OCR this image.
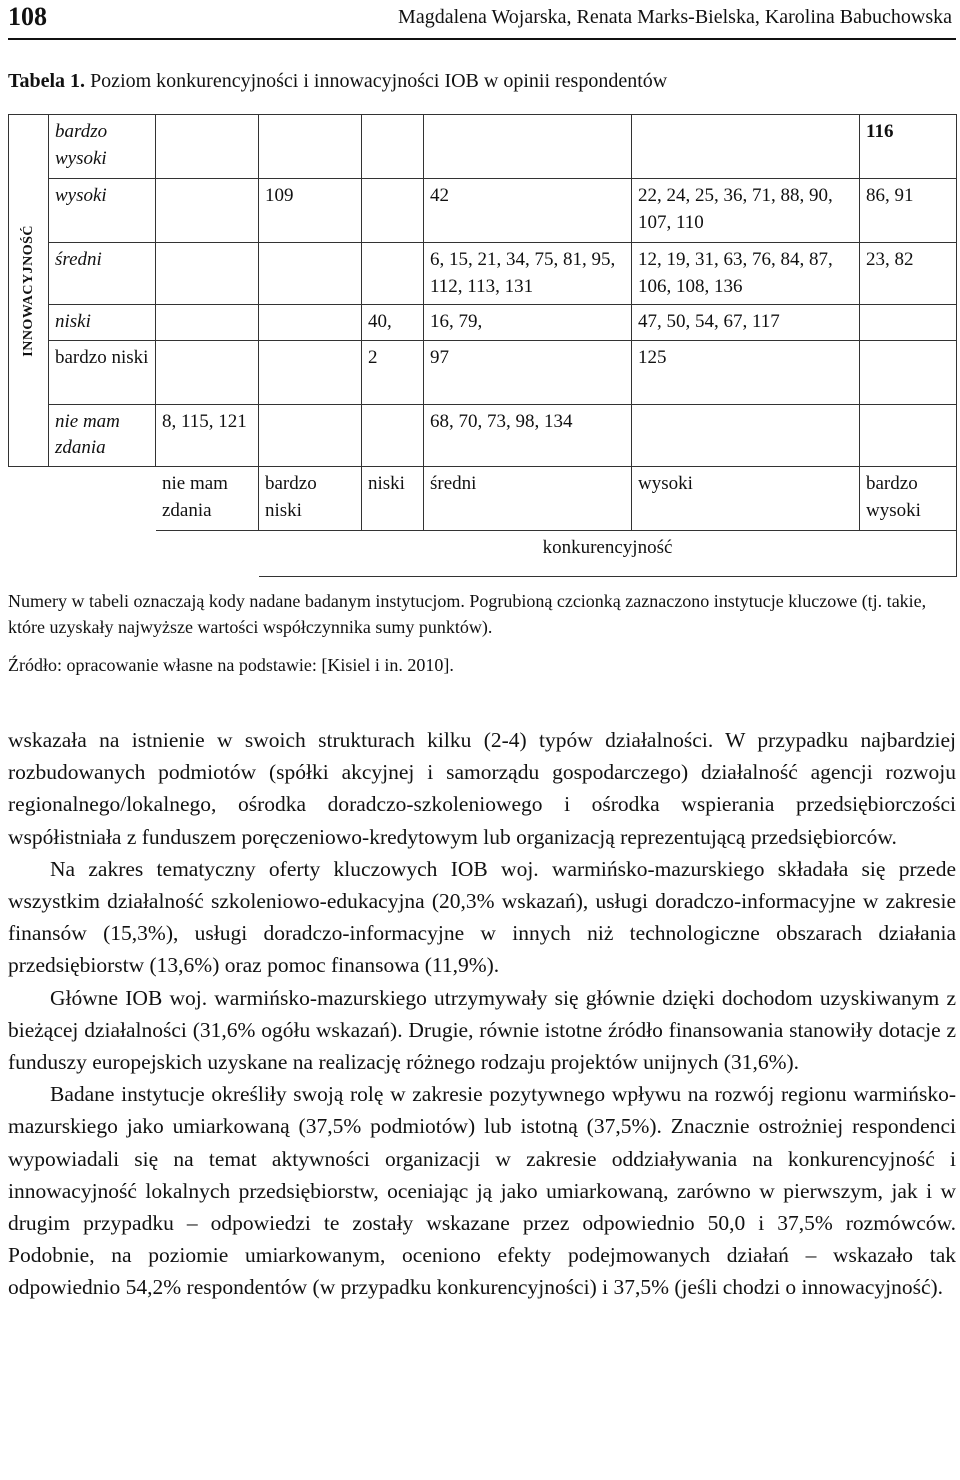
108	Magdalena Wojarska, Renata Marks-Bielska, Karolina Babuchowska
Tabela 1. Poziom konkurencyjności i innowacyjności IOB w opinii respondentów
INNOWACYJNOŚĆ	bardzo wysoki						116
	wysoki		109		42	22, 24, 25, 36, 71, 88, 90, 107, 110	86, 91
	średni				6, 15, 21, 34, 75, 81, 95, 112, 113, 131	12, 19, 31, 63, 76, 84, 87, 106, 108, 136	23, 82
	niski			40,	16, 79,	47, 50, 54, 67, 117	
	bardzo niski			2	97	125	
	nie mam zdania	8, 115, 121			68, 70, 73, 98, 134		
		nie mam zdania	bardzo niski	niski	średni	wysoki	bardzo wysoki
			konkurencyjność				

Numery w tabeli oznaczają kody nadane badanym instytucjom. Pogrubioną czcionką zaznaczono instytucje kluczowe (tj. takie, które uzyskały najwyższe wartości współczynnika sumy punktów).

Źródło: opracowanie własne na podstawie: [Kisiel i in. 2010].

wskazała na istnienie w swoich strukturach kilku (2-4) typów działalności. W przypadku najbardziej rozbudowanych podmiotów (spółki akcyjnej i samorządu gospodarczego) działalność agencji rozwoju regionalnego/lokalnego, ośrodka doradczo-szkoleniowego i ośrodka wspierania przedsiębiorczości współistniała z funduszem poręczeniowo-kredytowym lub organizacją reprezentującą przedsiębiorców.

Na zakres tematyczny oferty kluczowych IOB woj. warmińsko-mazurskiego składała się przede wszystkim działalność szkoleniowo-edukacyjna (20,3% wskazań), usługi doradczo-informacyjne w zakresie finansów (15,3%), usługi doradczo-informacyjne w innych niż technologiczne obszarach działania przedsiębiorstw (13,6%) oraz pomoc finansowa (11,9%).

Główne IOB woj. warmińsko-mazurskiego utrzymywały się głównie dzięki dochodom uzyskiwanym z bieżącej działalności (31,6% ogółu wskazań). Drugie, równie istotne źródło finansowania stanowiły dotacje z funduszy europejskich uzyskane na realizację różnego rodzaju projektów unijnych (31,6%).

Badane instytucje określiły swoją rolę w zakresie pozytywnego wpływu na rozwój regionu warmińsko-mazurskiego jako umiarkowaną (37,5% podmiotów) lub istotną (37,5%). Znacznie ostrożniej respondenci wypowiadali się na temat aktywności organizacji w zakresie oddziaływania na konkurencyjność i innowacyjność lokalnych przedsiębiorstw, oceniając ją jako umiarkowaną, zarówno w pierwszym, jak i w drugim przypadku – odpowiedzi te zostały wskazane przez odpowiednio 50,0 i 37,5% rozmówców. Podobnie, na poziomie umiarkowanym, oceniono efekty podejmowanych działań – wskazało tak odpowiednio 54,2% respondentów (w przypadku konkurencyjności) i 37,5% (jeśli chodzi o innowacyjność).
